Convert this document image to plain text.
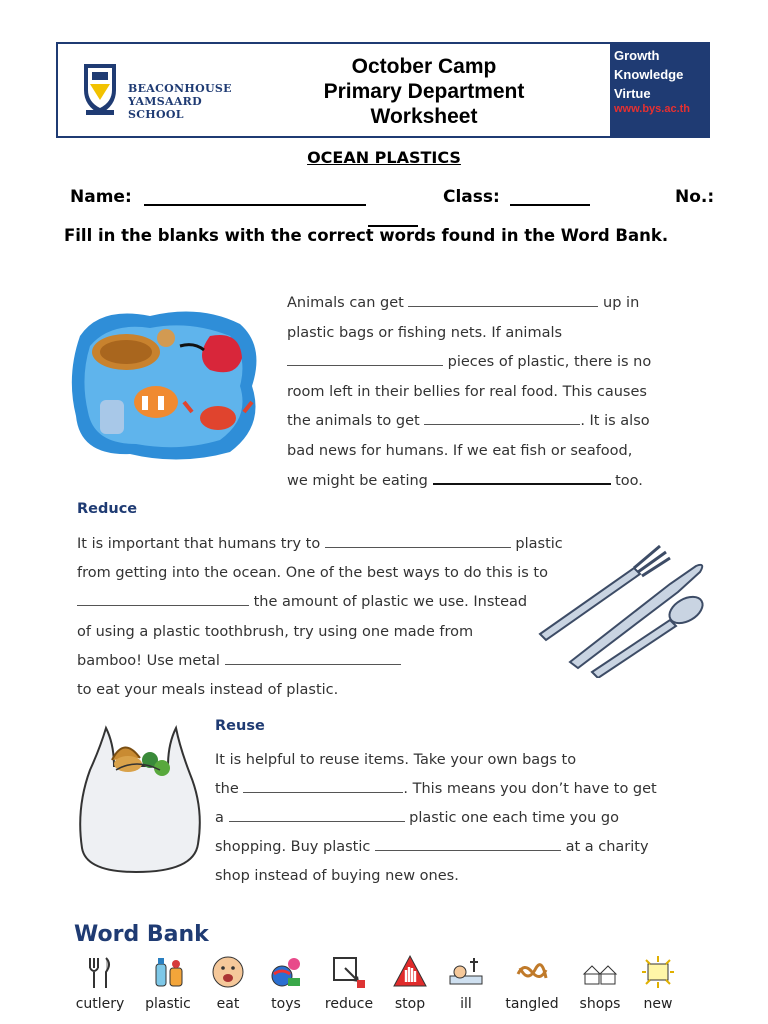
BEACONHOUSE
YAMSAARD SCHOOL
October Camp
Primary Department
Worksheet
Growth
Knowledge
Virtue
www.bys.ac.th
OCEAN PLASTICS
Name:	Class:	No.:
Fill in the blanks with the correct words found in the Word Bank.
Animals can get	up in
plastic bags or fishing nets. If animals
pieces of plastic, there is no
room left in their bellies for real food. This causes
the animals to get	. It is also
bad news for humans. If we eat fish or seafood,
we might be eating	too.
Reduce
It is important that humans try to	plastic
from getting into the ocean. One of the best ways to do this is to
the amount of plastic we use. Instead
of using a plastic toothbrush, try using one made from
bamboo! Use metal
to eat your meals instead of plastic.
Reuse
It is helpful to reuse items. Take your own bags to
the	. This means you don’t have to get
a	plastic one each time you go
shopping. Buy plastic	at a charity
shop instead of buying new ones.
Word Bank
cutlery	plastic	eat	toys	reduce	stop	ill	tangled	shops	new
